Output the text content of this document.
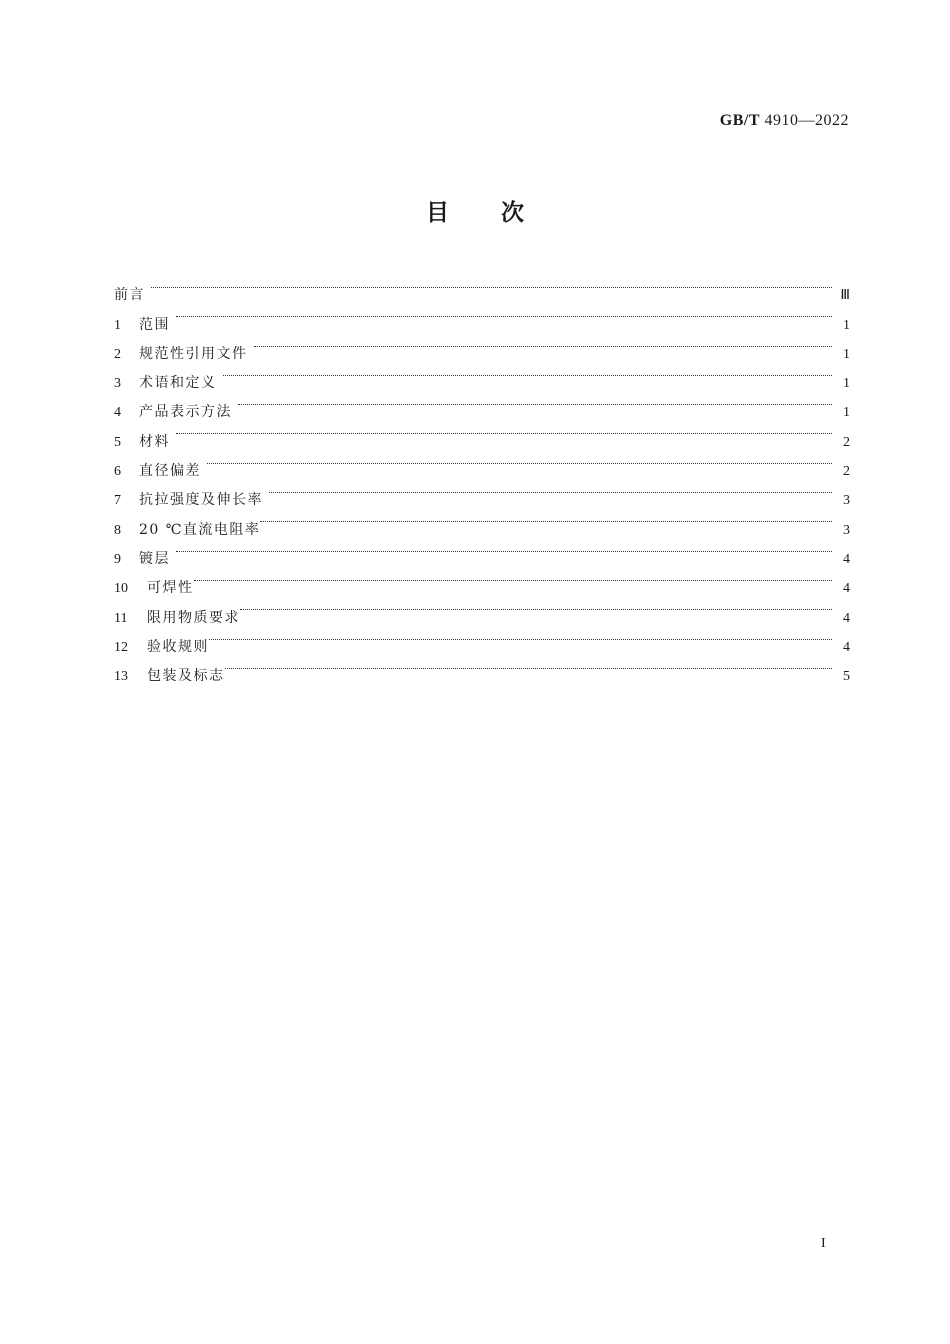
GB/T 4910—2022
目次
前言	Ⅲ
1	范围	1
2	规范性引用文件	1
3	术语和定义	1
4	产品表示方法	1
5	材料	2
6	直径偏差	2
7	抗拉强度及伸长率	3
8	20 ℃直流电阻率	3
9	镀层	4
10	可焊性	4
11	限用物质要求	4
12	验收规则	4
13	包装及标志	5
I
